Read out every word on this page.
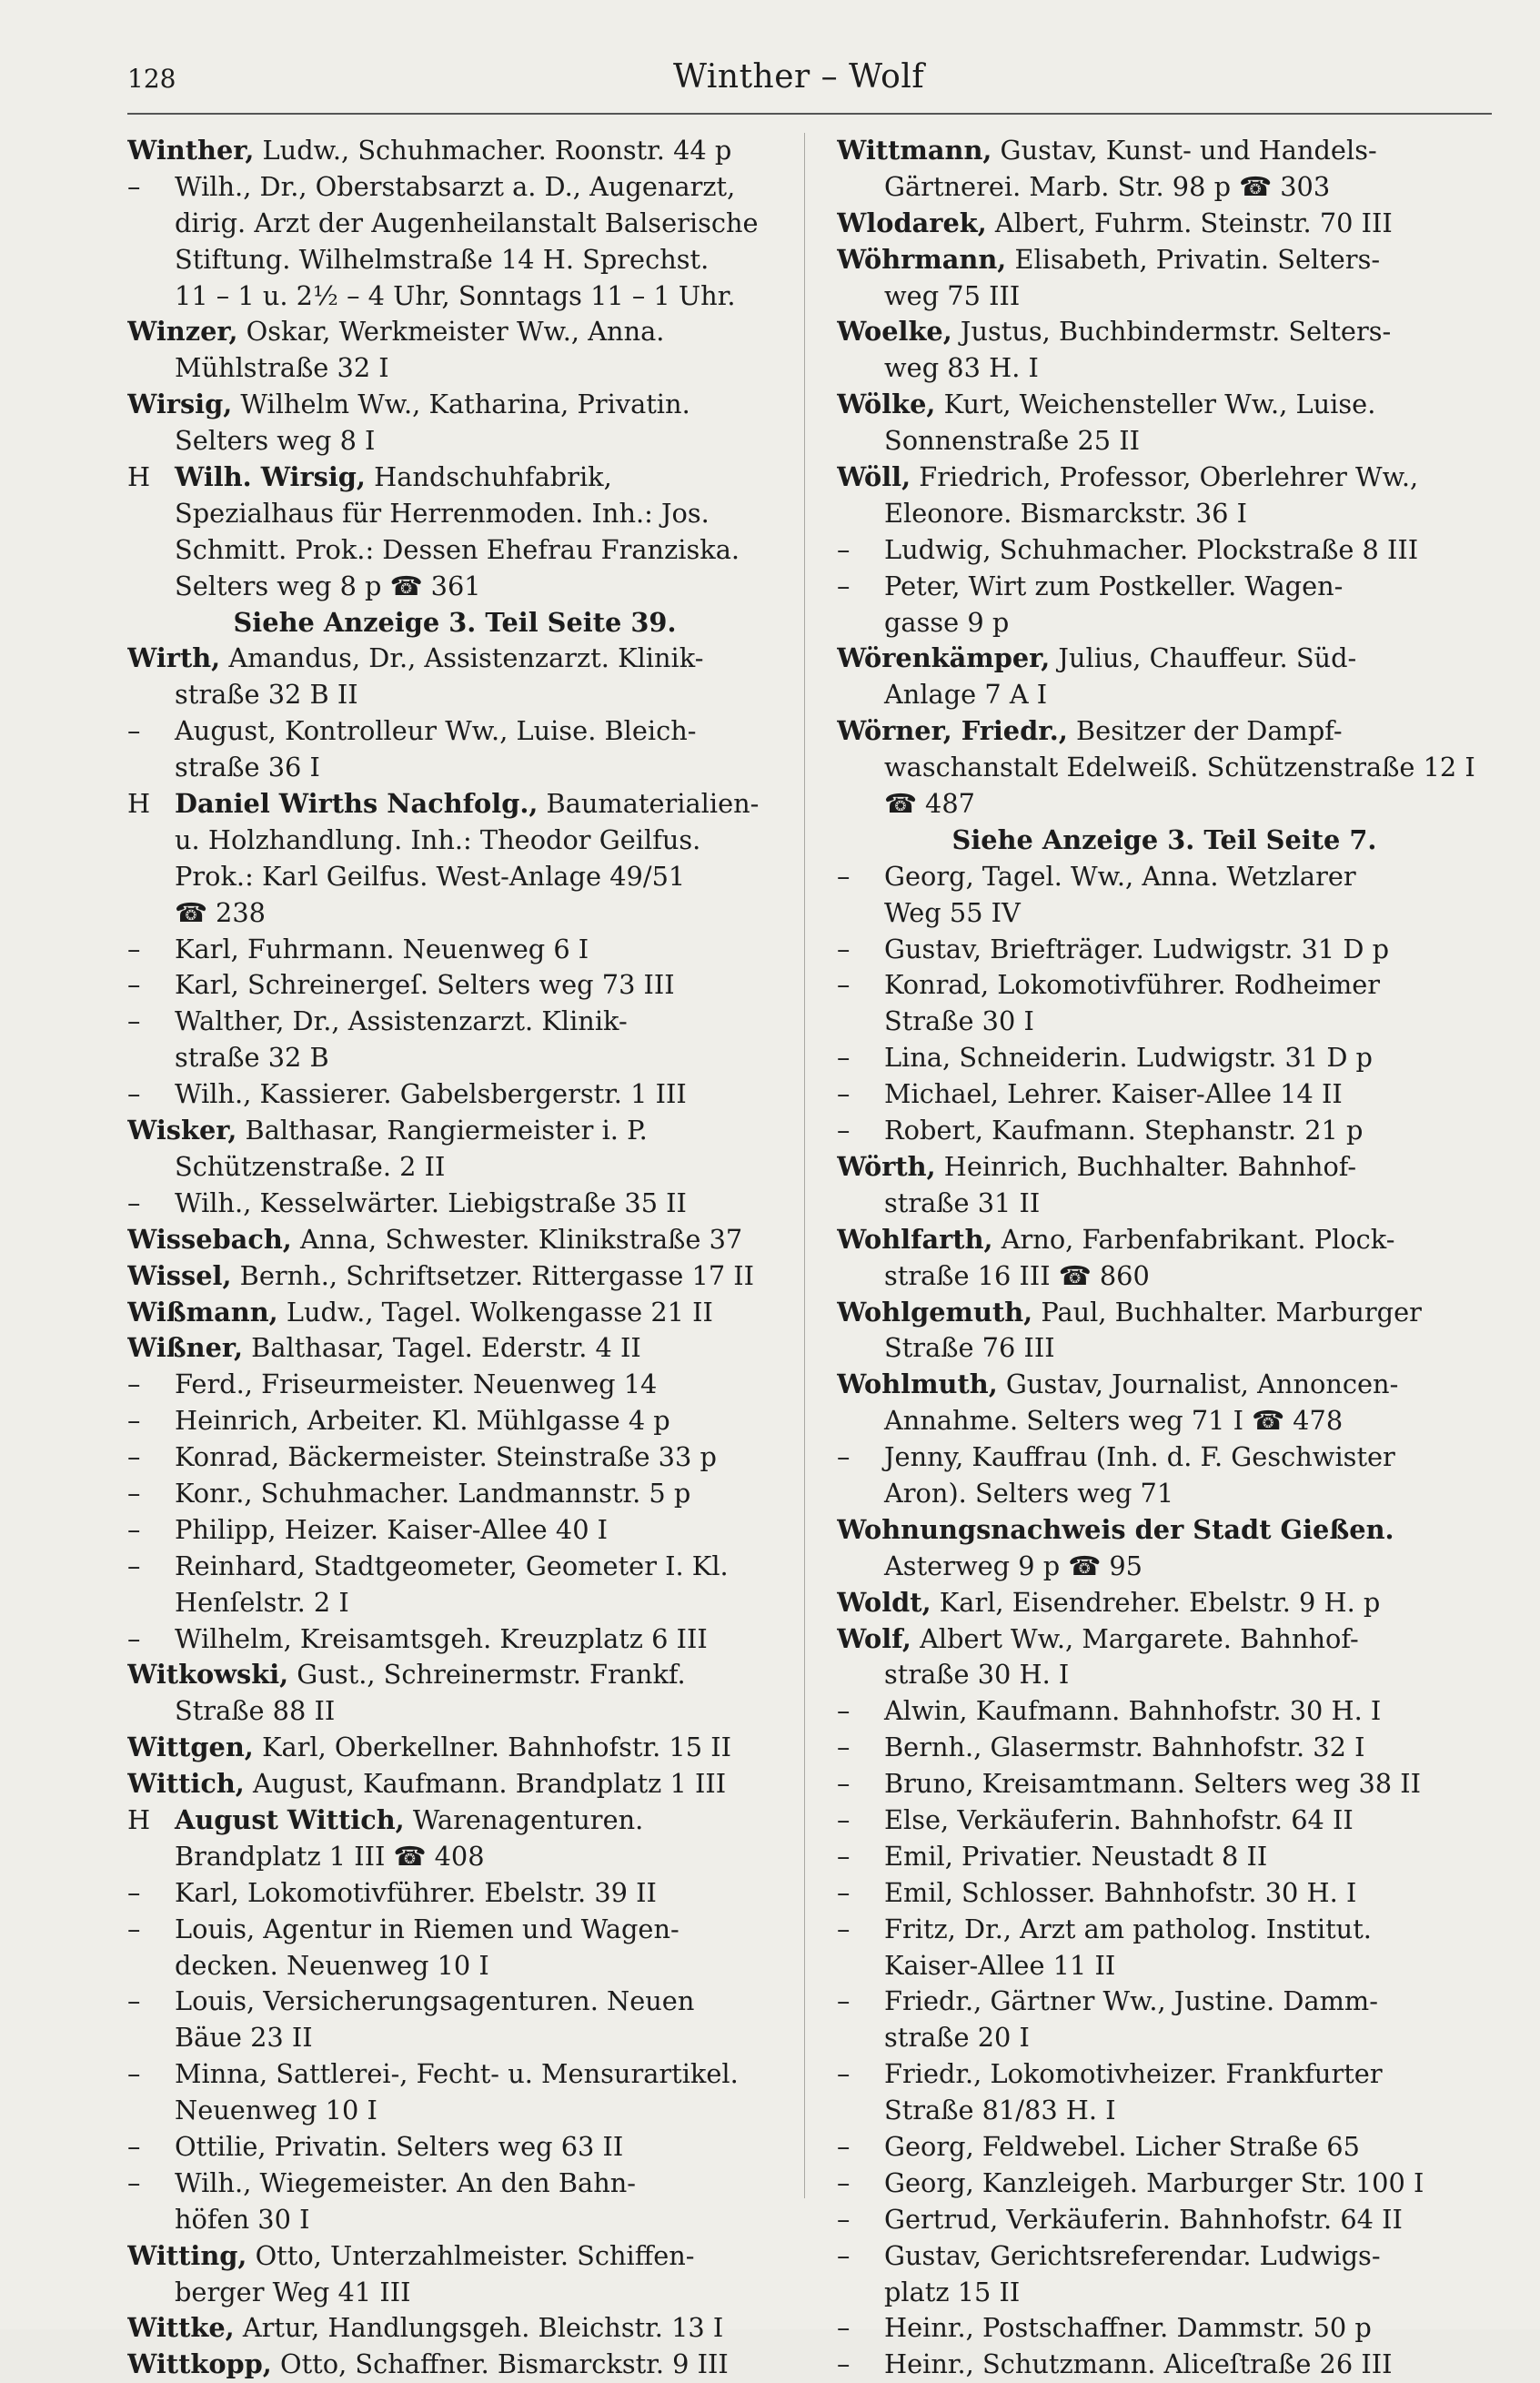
128	Winther – Wolf
Winther, Ludw., Schuhmacher. Roonstr. 44 p
– Wilh., Dr., Oberstabsarzt a. D., Augenarzt,
dirig. Arzt der Augenheilanstalt Balserische
Stiftung. Wilhelmstraße 14 H. Sprechst.
11 – 1 u. 2½ – 4 Uhr, Sonntags 11 – 1 Uhr.
Winzer, Oskar, Werkmeister Ww., Anna.
Mühlstraße 32 I
Wirsig, Wilhelm Ww., Katharina, Privatin.
Selters weg 8 I
H Wilh. Wirsig, Handschuhfabrik,
Spezialhaus für Herrenmoden. Inh.: Jos.
Schmitt. Prok.: Dessen Ehefrau Franziska.
Selters weg 8 p ☎ 361
Siehe Anzeige 3. Teil Seite 39.
Wirth, Amandus, Dr., Assistenzarzt. Klinik-
straße 32 B II
– August, Kontrolleur Ww., Luise. Bleich-
straße 36 I
H Daniel Wirths Nachfolg., Baumaterialien-
u. Holzhandlung. Inh.: Theodor Geilfus.
Prok.: Karl Geilfus. West-Anlage 49/51
☎ 238
– Karl, Fuhrmann. Neuenweg 6 I
– Karl, Schreinergeſ. Selters weg 73 III
– Walther, Dr., Assistenzarzt. Klinik-
straße 32 B
– Wilh., Kassierer. Gabelsbergerstr. 1 III
Wisker, Balthasar, Rangiermeister i. P.
Schützenstraße. 2 II
– Wilh., Kesselwärter. Liebigstraße 35 II
Wissebach, Anna, Schwester. Klinikstraße 37
Wissel, Bernh., Schriftsetzer. Rittergasse 17 II
Wißmann, Ludw., Tagel. Wolkengasse 21 II
Wißner, Balthasar, Tagel. Ederstr. 4 II
– Ferd., Friseurmeister. Neuenweg 14
– Heinrich, Arbeiter. Kl. Mühlgasse 4 p
– Konrad, Bäckermeister. Steinstraße 33 p
– Konr., Schuhmacher. Landmannstr. 5 p
– Philipp, Heizer. Kaiser-Allee 40 I
– Reinhard, Stadtgeometer, Geometer I. Kl.
Henſelstr. 2 I
– Wilhelm, Kreisamtsgeh. Kreuzplatz 6 III
Witkowski, Gust., Schreinermstr. Frankf.
Straße 88 II
Wittgen, Karl, Oberkellner. Bahnhofstr. 15 II
Wittich, August, Kaufmann. Brandplatz 1 III
H August Wittich, Warenagenturen.
Brandplatz 1 III ☎ 408
– Karl, Lokomotivführer. Ebelstr. 39 II
– Louis, Agentur in Riemen und Wagen-
decken. Neuenweg 10 I
– Louis, Versicherungsagenturen. Neuen
Bäue 23 II
– Minna, Sattlerei-, Fecht- u. Mensurartikel.
Neuenweg 10 I
– Ottilie, Privatin. Selters weg 63 II
– Wilh., Wiegemeister. An den Bahn-
höfen 30 I
Witting, Otto, Unterzahlmeister. Schiffen-
berger Weg 41 III
Wittke, Artur, Handlungsgeh. Bleichstr. 13 I
Wittkopp, Otto, Schaffner. Bismarckstr. 9 III
Wittmann, Gustav, Kunst- und Handels-
Gärtnerei. Marb. Str. 98 p ☎ 303
Wlodarek, Albert, Fuhrm. Steinstr. 70 III
Wöhrmann, Elisabeth, Privatin. Selters-
weg 75 III
Woelke, Justus, Buchbindermstr. Selters-
weg 83 H. I
Wölke, Kurt, Weichensteller Ww., Luise.
Sonnenstraße 25 II
Wöll, Friedrich, Professor, Oberlehrer Ww.,
Eleonore. Bismarckstr. 36 I
– Ludwig, Schuhmacher. Plockstraße 8 III
– Peter, Wirt zum Postkeller. Wagen-
gasse 9 p
Wörenkämper, Julius, Chauffeur. Süd-
Anlage 7 A I
Wörner, Friedr., Besitzer der Dampf-
waschanstalt Edelweiß. Schützenstraße 12 I
☎ 487
Siehe Anzeige 3. Teil Seite 7.
– Georg, Tagel. Ww., Anna. Wetzlarer
Weg 55 IV
– Gustav, Briefträger. Ludwigstr. 31 D p
– Konrad, Lokomotivführer. Rodheimer
Straße 30 I
– Lina, Schneiderin. Ludwigstr. 31 D p
– Michael, Lehrer. Kaiser-Allee 14 II
– Robert, Kaufmann. Stephanstr. 21 p
Wörth, Heinrich, Buchhalter. Bahnhof-
straße 31 II
Wohlfarth, Arno, Farbenfabrikant. Plock-
straße 16 III ☎ 860
Wohlgemuth, Paul, Buchhalter. Marburger
Straße 76 III
Wohlmuth, Gustav, Journalist, Annoncen-
Annahme. Selters weg 71 I ☎ 478
– Jenny, Kauffrau (Inh. d. F. Geschwister
Aron). Selters weg 71
Wohnungsnachweis der Stadt Gießen.
Asterweg 9 p ☎ 95
Woldt, Karl, Eisendreher. Ebelstr. 9 H. p
Wolf, Albert Ww., Margarete. Bahnhof-
straße 30 H. I
– Alwin, Kaufmann. Bahnhofstr. 30 H. I
– Bernh., Glasermstr. Bahnhofstr. 32 I
– Bruno, Kreisamtmann. Selters weg 38 II
– Else, Verkäuferin. Bahnhofstr. 64 II
– Emil, Privatier. Neustadt 8 II
– Emil, Schlosser. Bahnhofstr. 30 H. I
– Fritz, Dr., Arzt am patholog. Institut.
Kaiser-Allee 11 II
– Friedr., Gärtner Ww., Justine. Damm-
straße 20 I
– Friedr., Lokomotivheizer. Frankfurter
Straße 81/83 H. I
– Georg, Feldwebel. Licher Straße 65
– Georg, Kanzleigeh. Marburger Str. 100 I
– Gertrud, Verkäuferin. Bahnhofstr. 64 II
– Gustav, Gerichtsreferendar. Ludwigs-
platz 15 II
– Heinr., Postschaffner. Dammstr. 50 p
– Heinr., Schutzmann. Aliceſtraße 26 III
